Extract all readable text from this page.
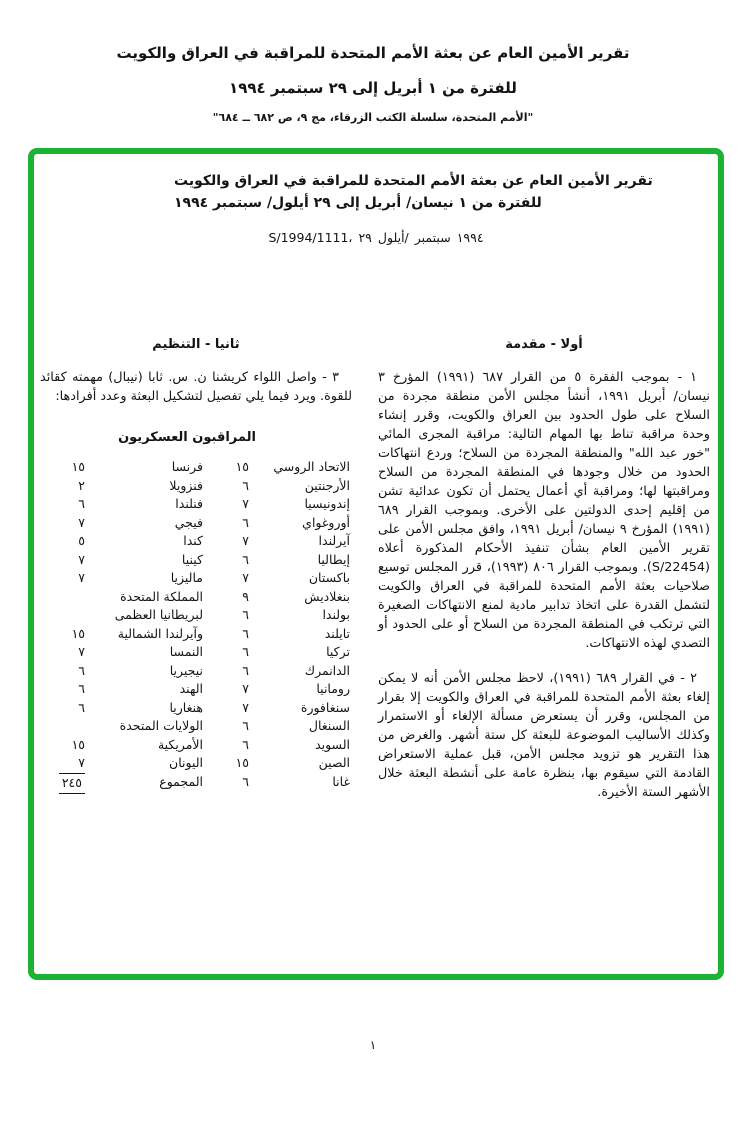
تقرير الأمين العام عن بعثة الأمم المتحدة للمراقبة في العراق والكويت
للفترة من ١ أبريل إلى ٢٩ سبتمبر ١٩٩٤
"الأمم المتحدة، سلسلة الكتب الزرقاء، مج ٩، ص ٦٨٢ ــ ٦٨٤"
تقرير الأمين العام عن بعثة الأمم المتحدة للمراقبة في العراق والكويت
للفترة من ١ نيسان/ أبريل إلى ٢٩ أيلول/ سبتمبر ١٩٩٤
S/1994/1111، ٢٩ أيلول/ سبتمبر ١٩٩٤
أولا - مقدمة

١ - بموجب الفقرة ٥ من القرار ٦٨٧ (١٩٩١) المؤرخ ٣ نيسان/ أبريل ١٩٩١، أنشأ مجلس الأمن منطقة مجردة من السلاح على طول الحدود بين العراق والكويت، وقرر إنشاء وحدة مراقبة تناط بها المهام التالية: مراقبة المجرى المائي "خور عبد الله" والمنطقة المجردة من السلاح؛ وردع انتهاكات الحدود من خلال وجودها في المنطقة المجردة من السلاح ومراقبتها لها؛ ومراقبة أي أعمال يحتمل أن تكون عدائية تشن من إقليم إحدى الدولتين على الأخرى. وبموجب القرار ٦٨٩ (١٩٩١) المؤرخ ٩ نيسان/ أبريل ١٩٩١، وافق مجلس الأمن على تقرير الأمين العام بشأن تنفيذ الأحكام المذكورة أعلاه (S/22454). وبموجب القرار ٨٠٦ (١٩٩٣)، قرر المجلس توسيع صلاحيات بعثة الأمم المتحدة للمراقبة في العراق والكويت لتشمل القدرة على اتخاذ تدابير مادية لمنع الانتهاكات الصغيرة التي ترتكب في المنطقة المجردة من السلاح أو على الحدود أو التصدي لهذه الانتهاكات.

٢ - في القرار ٦٨٩ (١٩٩١)، لاحظ مجلس الأمن أنه لا يمكن إلغاء بعثة الأمم المتحدة للمراقبة في العراق والكويت إلا بقرار من المجلس، وقرر أن يستعرض مسألة الإلغاء أو الاستمرار وكذلك الأساليب الموضوعة للبعثة كل ستة أشهر. والغرض من هذا التقرير هو تزويد مجلس الأمن، قبل عملية الاستعراض القادمة التي سيقوم بها، بنظرة عامة على أنشطة البعثة خلال الأشهر الستة الأخيرة.

ثانيا - التنظيم

٣ - واصل اللواء كريشنا ن. س. ثابا (نيبال) مهمته كقائد للقوة. ويرد فيما يلي تفصيل لتشكيل البعثة وعدد أفرادها:

المراقبون العسكريون
الاتحاد الروسي
١٥
فرنسا
١٥
الأرجنتين
٦
فنزويلا
٢
إندونيسيا
٧
فنلندا
٦
أوروغواي
٦
فيجي
٧
آيرلندا
٧
كندا
٥
إيطاليا
٦
كينيا
٧
باكستان
٧
ماليزيا
٧
بنغلاديش
٩
المملكة المتحدة
بولندا
٦
لبريطانيا العظمى
تايلند
٦
وآيرلندا الشمالية
١٥
تركيا
٦
النمسا
٧
الدانمرك
٦
نيجيريا
٦
رومانيا
٧
الهند
٦
سنغافورة
٧
هنغاريا
٦
السنغال
٦
الولايات المتحدة
السويد
٦
الأمريكية
١٥
الصين
١٥
اليونان
٧
غانا
٦
المجموع
٢٤٥
١
